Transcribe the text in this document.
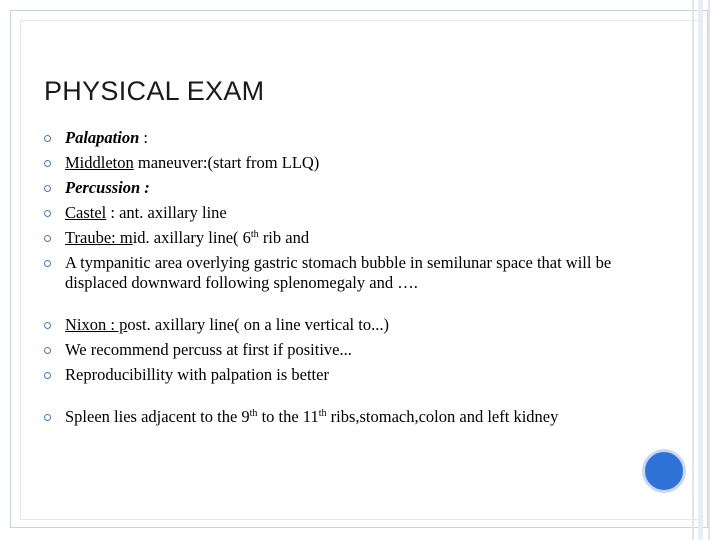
PHYSICAL EXAM
Palapation :
Middleton maneuver:(start from LLQ)
Percussion :
Castel : ant. axillary line
Traube: mid. axillary line( 6th rib and
A tympanitic area overlying gastric stomach bubble in semilunar space that will be displaced downward following splenomegaly and ….
Nixon : post. axillary line( on a line vertical to...)
We recommend percuss at first if positive...
Reproducibillity with palpation is better
Spleen lies adjacent to the 9th to the 11th ribs,stomach,colon and left kidney
